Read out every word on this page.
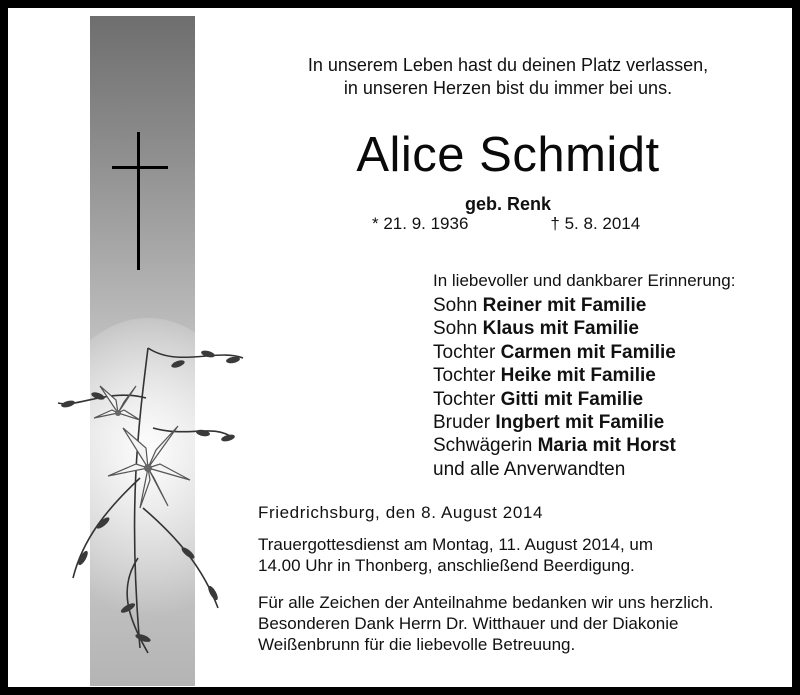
In unserem Leben hast du deinen Platz verlassen,
in unseren Herzen bist du immer bei uns.
Alice Schmidt
geb. Renk
* 21. 9. 1936	† 5. 8. 2014
In liebevoller und dankbarer Erinnerung:
Sohn Reiner mit Familie
Sohn Klaus mit Familie
Tochter Carmen mit Familie
Tochter Heike mit Familie
Tochter Gitti mit Familie
Bruder Ingbert mit Familie
Schwägerin Maria mit Horst
und alle Anverwandten
Friedrichsburg, den 8. August 2014
Trauergottesdienst am Montag, 11. August 2014, um
14.00 Uhr in Thonberg, anschließend Beerdigung.
Für alle Zeichen der Anteilnahme bedanken wir uns herzlich.
Besonderen Dank Herrn Dr. Witthauer und der Diakonie
Weißenbrunn für die liebevolle Betreuung.
